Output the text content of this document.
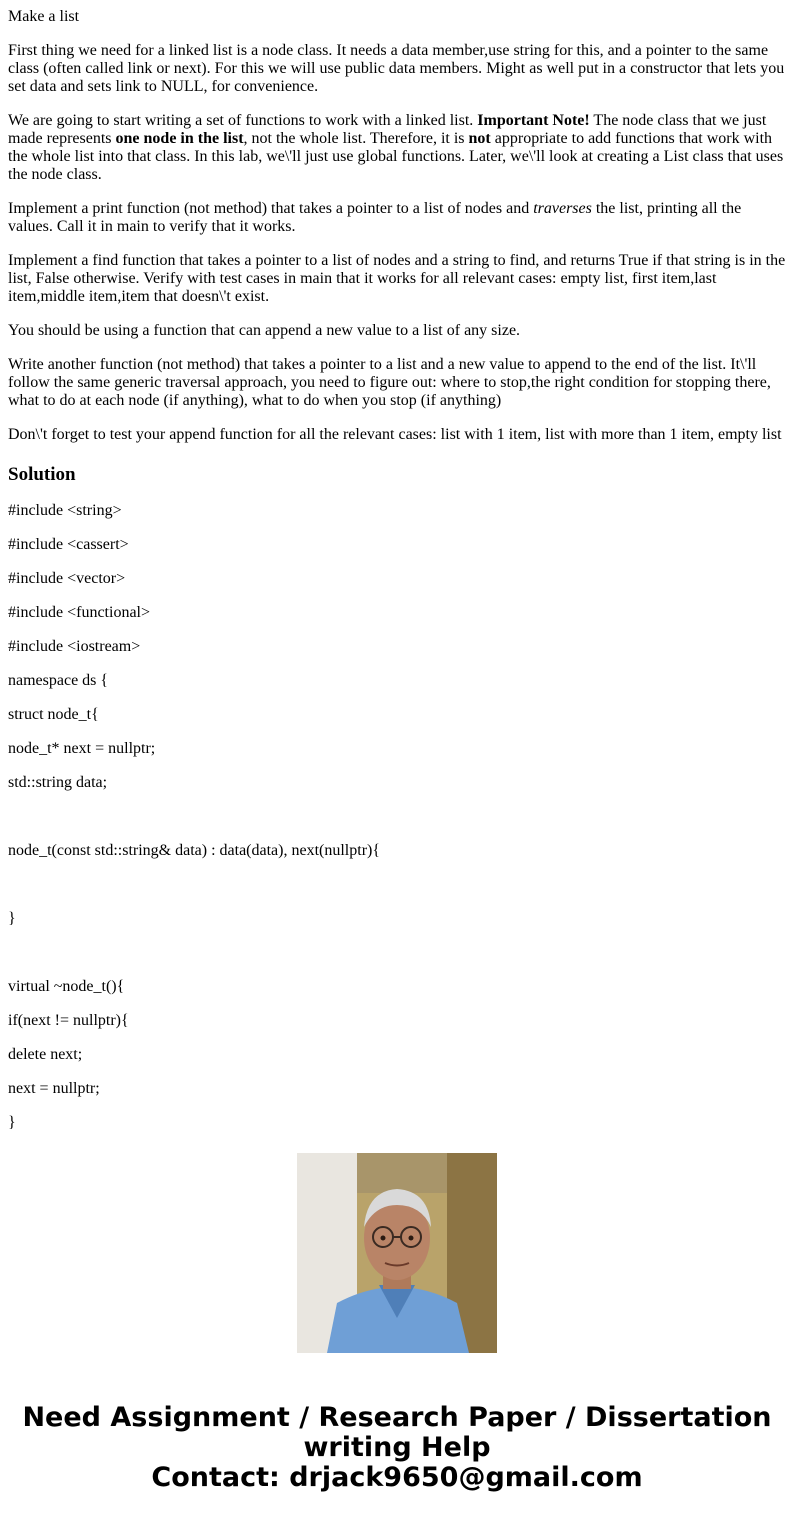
Make a list

First thing we need for a linked list is a node class. It needs a data member,use string for this, and a pointer to the same class (often called link or next). For this we will use public data members. Might as well put in a constructor that lets you set data and sets link to NULL, for convenience.

We are going to start writing a set of functions to work with a linked list. Important Note! The node class that we just made represents one node in the list, not the whole list. Therefore, it is not appropriate to add functions that work with the whole list into that class. In this lab, we\'ll just use global functions. Later, we\'ll look at creating a List class that uses the node class.

Implement a print function (not method) that takes a pointer to a list of nodes and traverses the list, printing all the values. Call it in main to verify that it works.

Implement a find function that takes a pointer to a list of nodes and a string to find, and returns True if that string is in the list, False otherwise. Verify with test cases in main that it works for all relevant cases: empty list, first item,last item,middle item,item that doesn\'t exist.

You should be using a function that can append a new value to a list of any size.

Write another function (not method) that takes a pointer to a list and a new value to append to the end of the list. It\'ll follow the same generic traversal approach, you need to figure out: where to stop,the right condition for stopping there, what to do at each node (if anything), what to do when you stop (if anything)

Don\'t forget to test your append function for all the relevant cases: list with 1 item, list with more than 1 item, empty list

Solution

#include <string>

#include <cassert>

#include <vector>

#include <functional>

#include <iostream>

namespace ds {

struct node_t{

node_t* next = nullptr;

std::string data;

node_t(const std::string& data) : data(data), next(nullptr){

}

virtual ~node_t(){

if(next != nullptr){

delete next;

next = nullptr;

}

Need Assignment / Research Paper / Dissertation
writing Help
Contact: drjack9650@gmail.com
